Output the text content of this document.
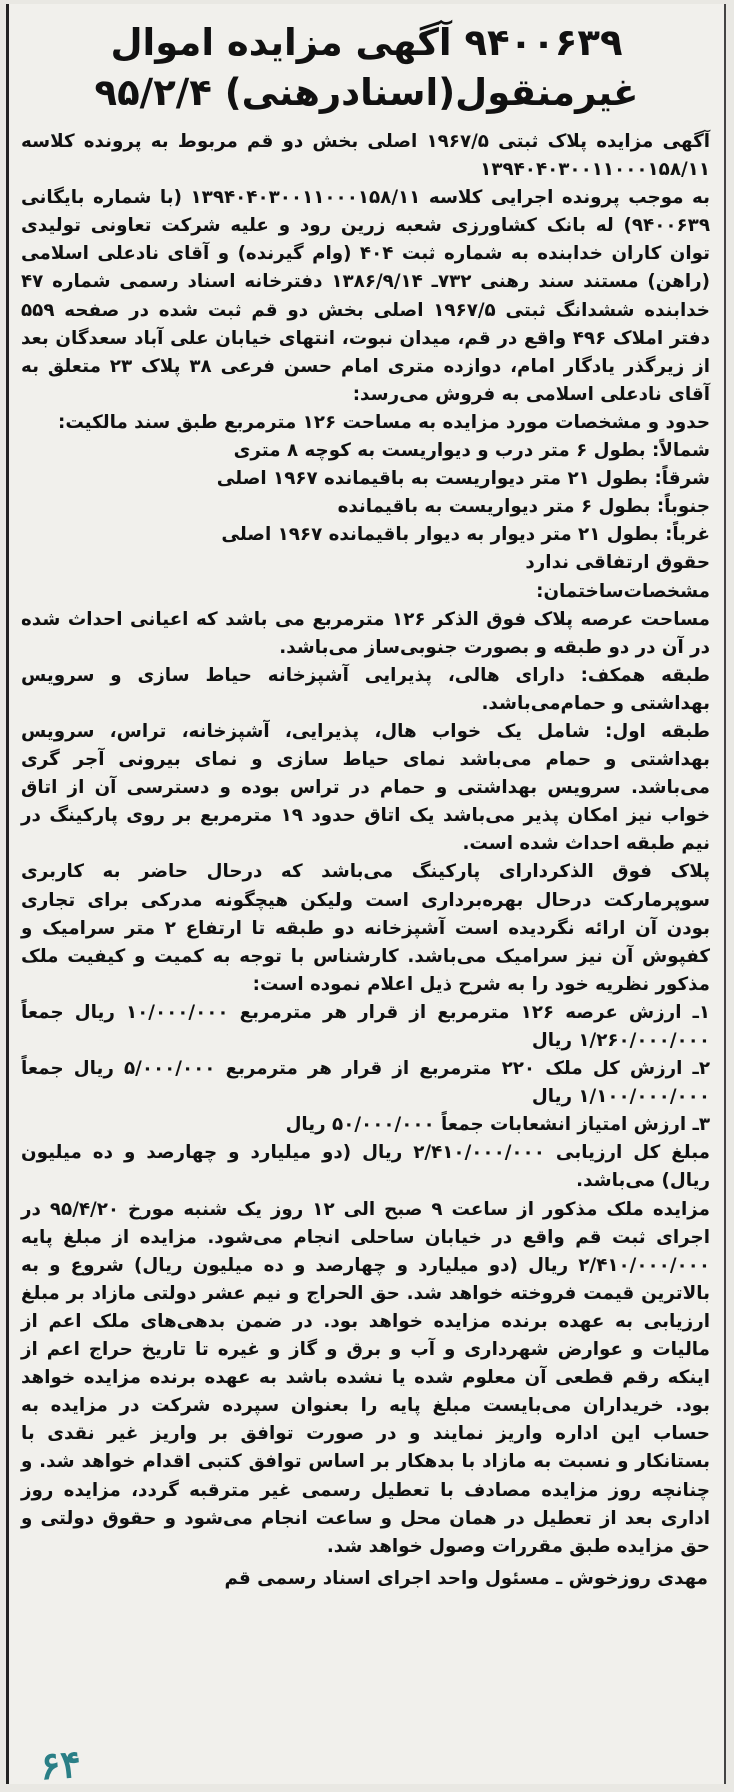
۹۴۰۰۶۳۹ آگهی مزایده اموال
غیرمنقول(اسنادرهنی) ۹۵/۲/۴

آگهی مزایده پلاک ثبتی ۱۹۶۷/۵ اصلی بخش دو قم مربوط به پرونده کلاسه ۱۳۹۴۰۴۰۳۰۰۱۱۰۰۰۱۵۸/۱۱

به موجب پرونده اجرایی کلاسه ۱۳۹۴۰۴۰۳۰۰۱۱۰۰۰۱۵۸/۱۱ (با شماره بایگانی ۹۴۰۰۶۳۹) له بانک کشاورزی شعبه زرین رود و علیه شرکت تعاونی تولیدی توان کاران خدابنده به شماره ثبت ۴۰۴ (وام گیرنده) و آقای نادعلی اسلامی (راهن) مستند سند رهنی ۷۳۲ـ ۱۳۸۶/۹/۱۴ دفترخانه اسناد رسمی شماره ۴۷ خدابنده ششدانگ ثبتی ۱۹۶۷/۵ اصلی بخش دو قم ثبت شده در صفحه ۵۵۹ دفتر املاک ۴۹۶ واقع در قم، میدان نبوت، انتهای خیابان علی آباد سعدگان بعد از زیرگذر یادگار امام، دوازده متری امام حسن فرعی ۳۸ پلاک ۲۳ متعلق به آقای نادعلی اسلامی به فروش می‌رسد:

حدود و مشخصات مورد مزایده به مساحت ۱۲۶ مترمربع طبق سند مالکیت:

شمالاً: بطول ۶ متر درب و دیواریست به کوچه ۸ متری

شرقاً: بطول ۲۱ متر دیواریست به باقیمانده ۱۹۶۷ اصلی

جنوباً: بطول ۶ متر دیواریست به باقیمانده

غرباً: بطول ۲۱ متر دیوار به دیوار باقیمانده ۱۹۶۷ اصلی

حقوق ارتفاقی ندارد

مشخصات‌ساختمان:

مساحت عرصه پلاک فوق الذکر ۱۲۶ مترمربع می باشد که اعیانی احداث شده در آن در دو طبقه و بصورت جنوبی‌ساز می‌باشد.

طبقه همکف: دارای هالی، پذیرایی آشپزخانه حیاط سازی و سرویس بهداشتی و حمام‌می‌باشد.

طبقه اول: شامل یک خواب هال، پذیرایی، آشپزخانه، تراس، سرویس بهداشتی و حمام می‌باشد نمای حیاط سازی و نمای بیرونی آجر گری می‌باشد. سرویس بهداشتی و حمام در تراس بوده و دسترسی آن از اتاق خواب نیز امکان پذیر می‌باشد یک اتاق حدود ۱۹ مترمربع بر روی پارکینگ در نیم طبقه احداث شده است.

پلاک فوق الذکردارای پارکینگ می‌باشد که درحال حاضر به کاربری سوپرمارکت درحال بهره‌برداری است ولیکن هیچگونه مدرکی برای تجاری بودن آن ارائه نگردیده است آشپزخانه دو طبقه تا ارتفاع ۲ متر سرامیک و کفپوش آن نیز سرامیک می‌باشد. کارشناس با توجه به کمیت و کیفیت ملک مذکور نظریه خود را به شرح ذیل اعلام نموده است:

۱ـ ارزش عرصه ۱۲۶ مترمربع از قرار هر مترمربع ۱۰/۰۰۰/۰۰۰ ریال جمعاً ۱/۲۶۰/۰۰۰/۰۰۰ ریال

۲ـ ارزش کل ملک ۲۲۰ مترمربع از قرار هر مترمربع ۵/۰۰۰/۰۰۰ ریال جمعاً ۱/۱۰۰/۰۰۰/۰۰۰ ریال

۳ـ ارزش امتیاز انشعابات جمعاً ۵۰/۰۰۰/۰۰۰ ریال

مبلغ کل ارزیابی ۲/۴۱۰/۰۰۰/۰۰۰ ریال (دو میلیارد و چهارصد و ده میلیون ریال) می‌باشد.

مزایده ملک مذکور از ساعت ۹ صبح الی ۱۲ روز یک شنبه مورخ ۹۵/۴/۲۰ در اجرای ثبت قم واقع در خیابان ساحلی انجام می‌شود. مزایده از مبلغ پایه ۲/۴۱۰/۰۰۰/۰۰۰ ریال (دو میلیارد و چهارصد و ده میلیون ریال) شروع و به بالاترین قیمت فروخته خواهد شد. حق الحراج و نیم عشر دولتی مازاد بر مبلغ ارزیابی به عهده برنده مزایده خواهد بود. در ضمن بدهی‌های ملک اعم از مالیات و عوارض شهرداری و آب و برق و گاز و غیره تا تاریخ حراج اعم از اینکه رقم قطعی آن معلوم شده یا نشده باشد به عهده برنده مزایده خواهد بود. خریداران می‌بایست مبلغ پایه را بعنوان سپرده شرکت در مزایده به حساب این اداره واریز نمایند و در صورت توافق بر واریز غیر نقدی با بستانکار و نسبت به مازاد با بدهکار بر اساس توافق کتبی اقدام خواهد شد. و چنانچه روز مزایده مصادف با تعطیل رسمی غیر مترقبه گردد، مزایده روز اداری بعد از تعطیل در همان محل و ساعت انجام می‌شود و حقوق دولتی و حق مزایده طبق مقررات وصول خواهد شد.

مهدی روزخوش ـ مسئول واحد اجرای اسناد رسمی قم
۶۴
